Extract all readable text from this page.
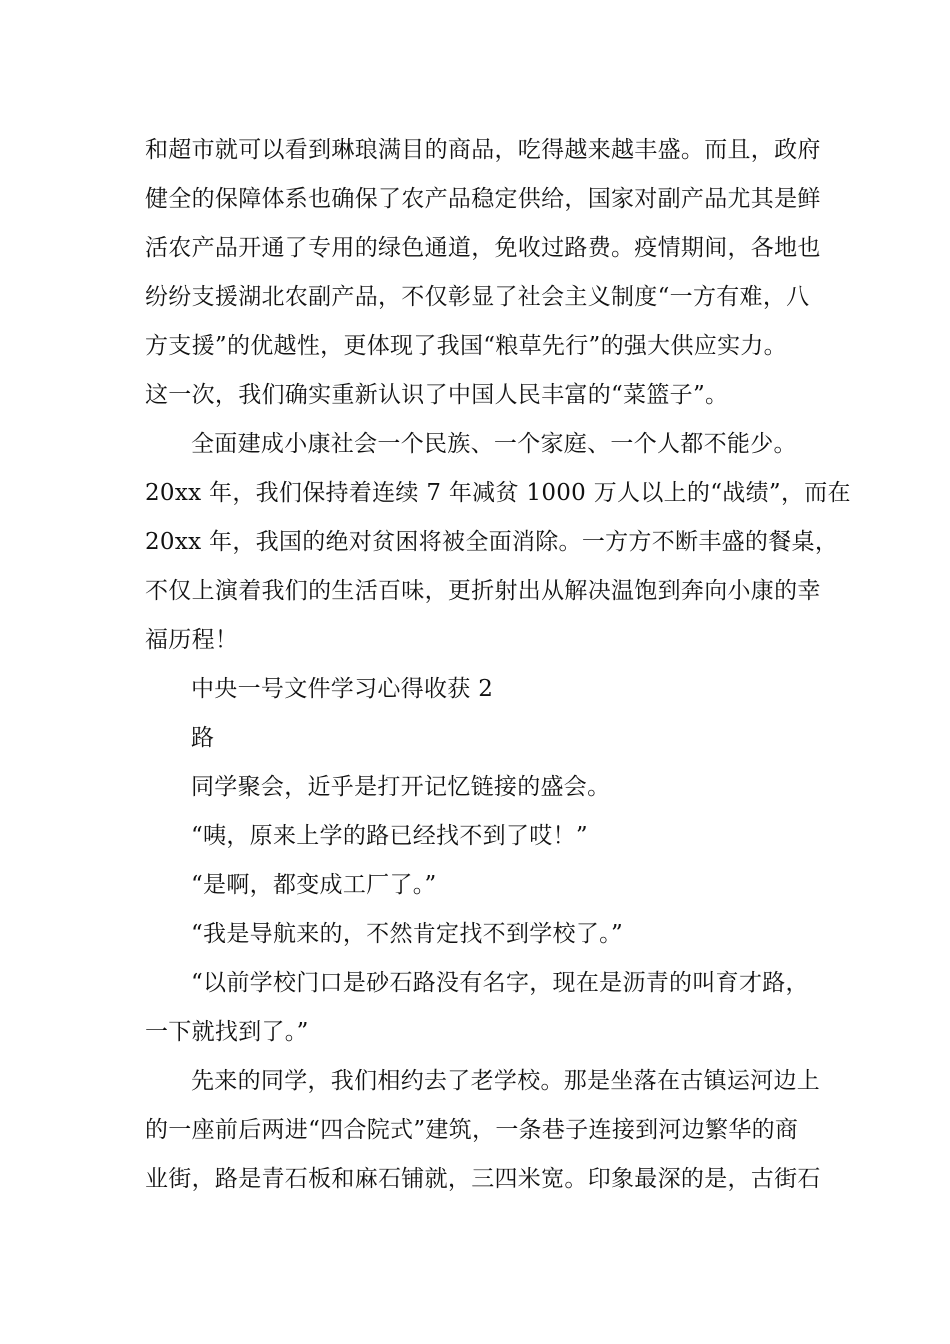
和超市就可以看到琳琅满目的商品，吃得越来越丰盛。而且，政府
健全的保障体系也确保了农产品稳定供给，国家对副产品尤其是鲜
活农产品开通了专用的绿色通道，免收过路费。疫情期间，各地也
纷纷支援湖北农副产品，不仅彰显了社会主义制度“一方有难，八
方支援”的优越性，更体现了我国“粮草先行”的强大供应实力。
这一次，我们确实重新认识了中国人民丰富的“菜篮子”。
全面建成小康社会一个民族、一个家庭、一个人都不能少。
20xx 年，我们保持着连续 7 年减贫 1000 万人以上的“战绩”，而在
20xx 年，我国的绝对贫困将被全面消除。一方方不断丰盛的餐桌，
不仅上演着我们的生活百味，更折射出从解决温饱到奔向小康的幸
福历程！
中央一号文件学习心得收获 2
路
同学聚会，近乎是打开记忆链接的盛会。
“咦，原来上学的路已经找不到了哎！”
“是啊，都变成工厂了。”
“我是导航来的，不然肯定找不到学校了。”
“以前学校门口是砂石路没有名字，现在是沥青的叫育才路，
一下就找到了。”
先来的同学，我们相约去了老学校。那是坐落在古镇运河边上
的一座前后两进“四合院式”建筑，一条巷子连接到河边繁华的商
业街，路是青石板和麻石铺就，三四米宽。印象最深的是，古街石
